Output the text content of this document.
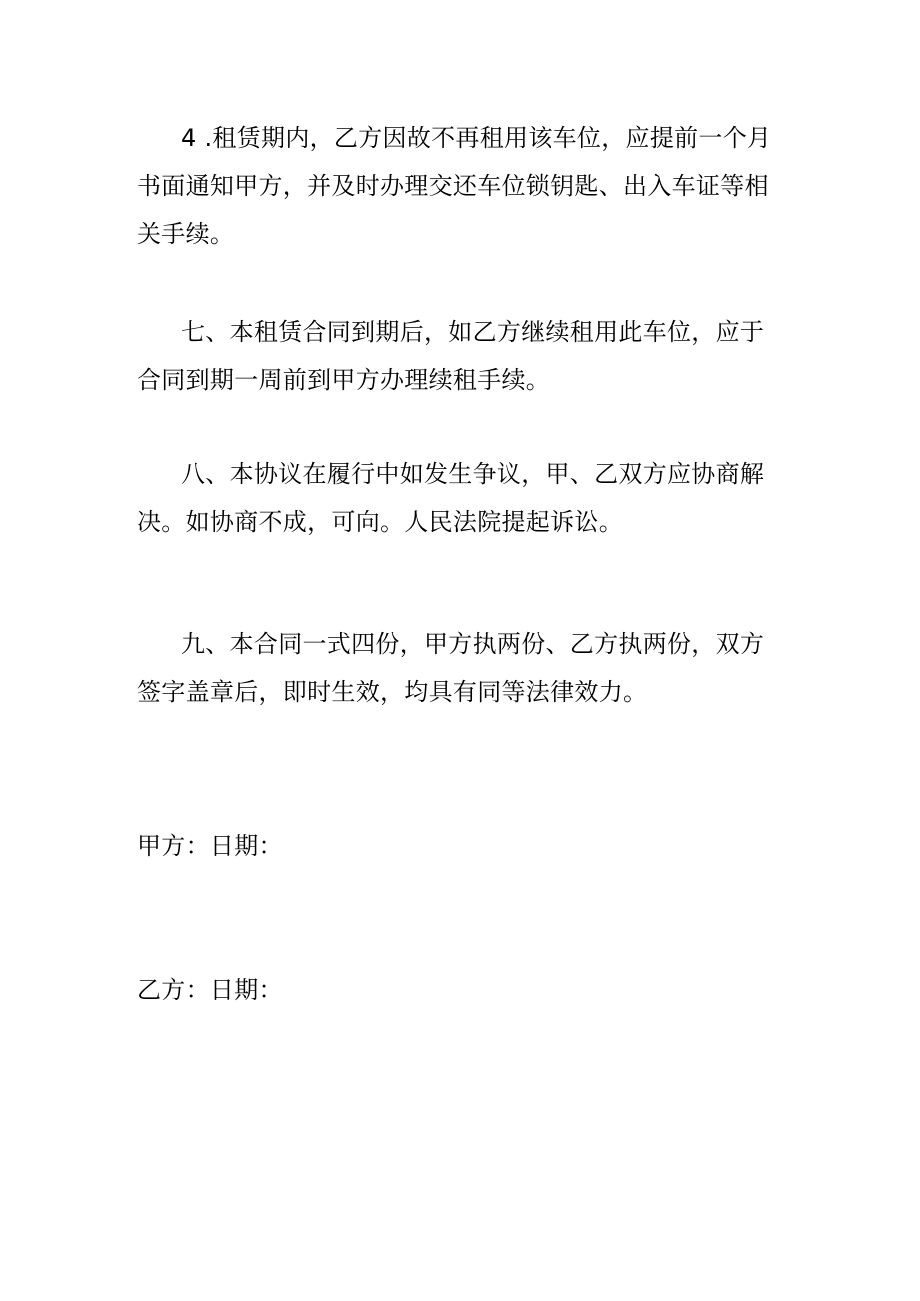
4 .租赁期内，乙方因故不再租用该车位，应提前一个月书面通知甲方，并及时办理交还车位锁钥匙、出入车证等相关手续。

七、本租赁合同到期后，如乙方继续租用此车位，应于合同到期一周前到甲方办理续租手续。

八、本协议在履行中如发生争议，甲、乙双方应协商解决。如协商不成，可向。人民法院提起诉讼。

九、本合同一式四份，甲方执两份、乙方执两份，双方签字盖章后，即时生效，均具有同等法律效力。

甲方：日期：

乙方：日期：
